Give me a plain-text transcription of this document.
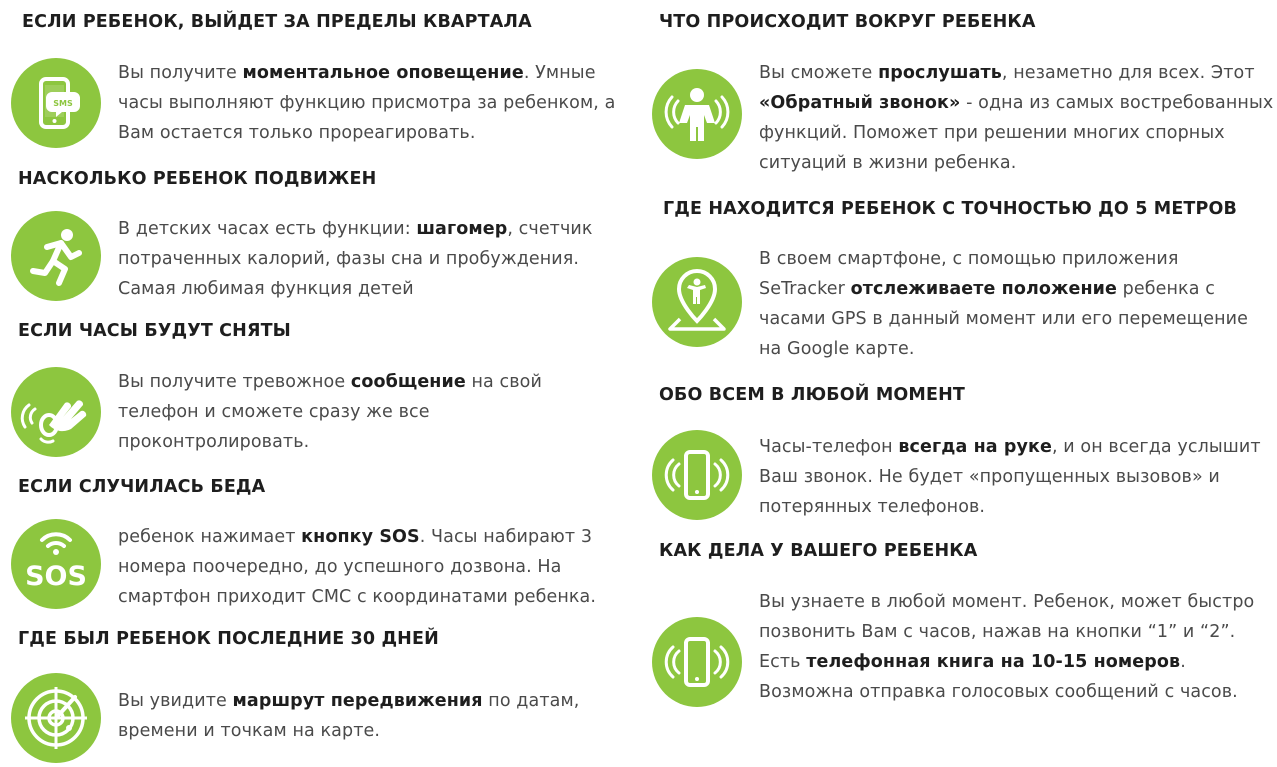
ЕСЛИ РЕБЕНОК, ВЫЙДЕТ ЗА ПРЕДЕЛЫ КВАРТАЛА
SMS

Вы получите моментальное оповещение. Умные часы выполняют функцию присмотра за ребенком, а Вам остается только прореагировать.

НАСКОЛЬКО РЕБЕНОК ПОДВИЖЕН

В детских часах есть функции: шагомер, счетчик потраченных калорий, фазы сна и пробуждения. Самая любимая функция детей

ЕСЛИ ЧАСЫ БУДУТ СНЯТЫ

Вы получите тревожное сообщение на свой телефон и сможете сразу же все проконтролировать.

ЕСЛИ СЛУЧИЛАСЬ БЕДА
SOS

ребенок нажимает кнопку SOS. Часы набирают 3 номера поочередно, до успешного дозвона. На смартфон приходит СМС с координатами ребенка.

ГДЕ БЫЛ РЕБЕНОК ПОСЛЕДНИЕ 30 ДНЕЙ

Вы увидите маршрут передвижения по датам, времени и точкам на карте.

ЧТО ПРОИСХОДИТ ВОКРУГ РЕБЕНКА

Вы сможете прослушать, незаметно для всех. Этот «Обратный звонок» - одна из самых востребованных функций. Поможет при решении многих спорных ситуаций в жизни ребенка.

ГДЕ НАХОДИТСЯ РЕБЕНОК С ТОЧНОСТЬЮ ДО 5 МЕТРОВ

В своем смартфоне, с помощью приложения SeTracker отслеживаете положение ребенка с часами GPS в данный момент или его перемещение на Google карте.

ОБО ВСЕМ В ЛЮБОЙ МОМЕНТ

Часы-телефон всегда на руке, и он всегда услышит Ваш звонок. Не будет «пропущенных вызовов» и потерянных телефонов.

КАК ДЕЛА У ВАШЕГО РЕБЕНКА

Вы узнаете в любой момент. Ребенок, может быстро позвонить Вам с часов, нажав на кнопки “1” и “2”. Есть телефонная книга на 10-15 номеров. Возможна отправка голосовых сообщений с часов.
